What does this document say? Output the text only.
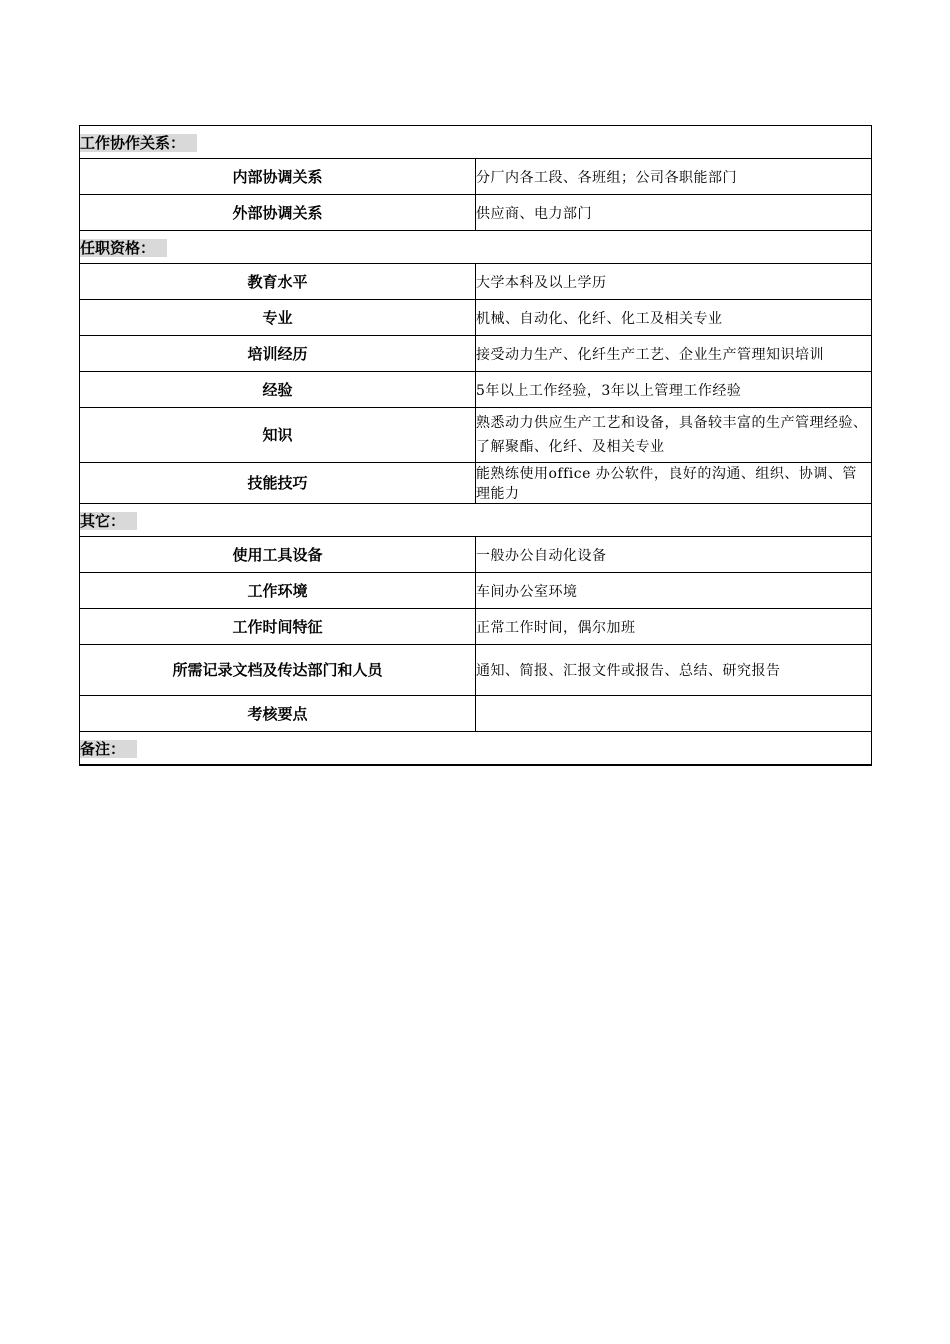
工作协作关系：	
内部协调关系	分厂内各工段、各班组；公司各职能部门
外部协调关系	供应商、电力部门
任职资格：	
教育水平	大学本科及以上学历
专业	机械、自动化、化纤、化工及相关专业
培训经历	接受动力生产、化纤生产工艺、企业生产管理知识培训
经验	5年以上工作经验，3年以上管理工作经验
知识	熟悉动力供应生产工艺和设备，具备较丰富的生产管理经验、了解聚酯、化纤、及相关专业
技能技巧	能熟练使用office 办公软件，良好的沟通、组织、协调、管理能力
其它：	
使用工具设备	一般办公自动化设备
工作环境	车间办公室环境
工作时间特征	正常工作时间，偶尔加班
所需记录文档及传达部门和人员	通知、简报、汇报文件或报告、总结、研究报告
考核要点	
备注：	
